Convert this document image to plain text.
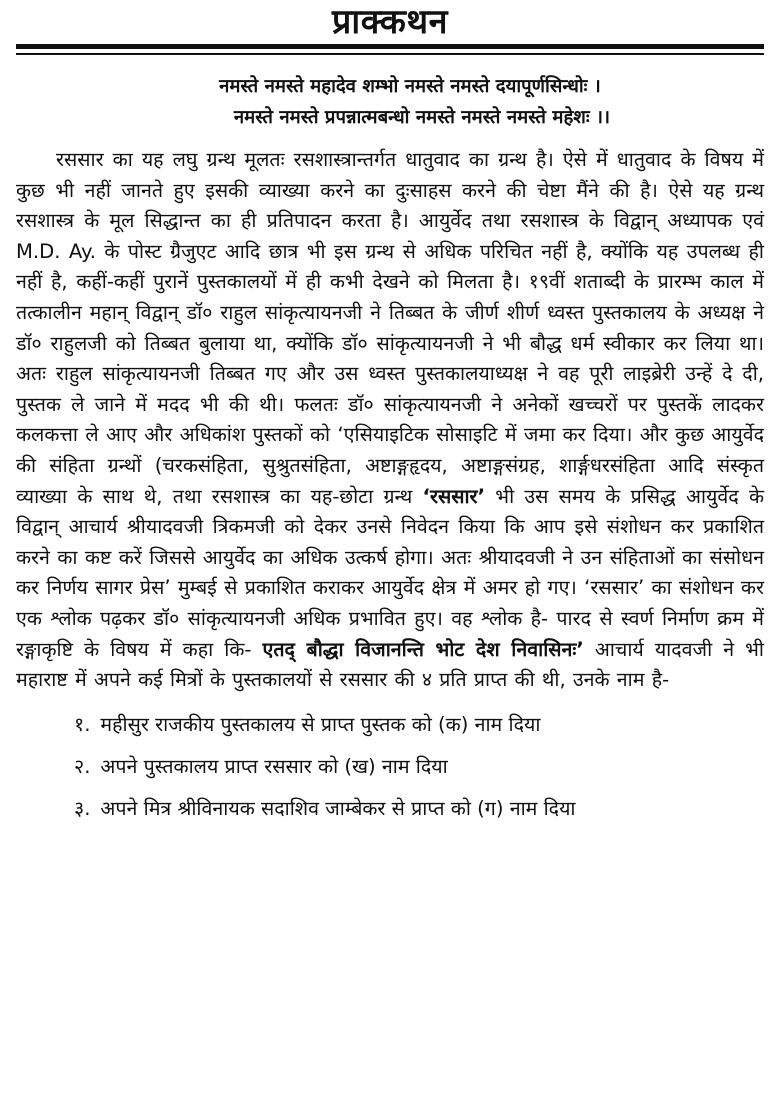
प्राक्कथन
नमस्ते नमस्ते महादेव शम्भो नमस्ते नमस्ते दयापूर्णसिन्धोः ।
नमस्ते नमस्ते प्रपन्नात्मबन्धो नमस्ते नमस्ते नमस्ते महेशः ।।

रससार का यह लघु ग्रन्थ मूलतः रसशास्त्रान्तर्गत धातुवाद का ग्रन्थ है। ऐसे में धातुवाद के विषय में कुछ भी नहीं जानते हुए इसकी व्याख्या करने का दुःसाहस करने की चेष्टा मैंने की है। ऐसे यह ग्रन्थ रसशास्त्र के मूल सिद्धान्त का ही प्रतिपादन करता है। आयुर्वेद तथा रसशास्त्र के विद्वान् अध्यापक एवं M.D. Ay. के पोस्ट ग्रैजुएट आदि छात्र भी इस ग्रन्थ से अधिक परिचित नहीं है, क्योंकि यह उपलब्ध ही नहीं है, कहीं-कहीं पुरानें पुस्तकालयों में ही कभी देखने को मिलता है। १९वीं शताब्दी के प्रारम्भ काल में तत्कालीन महान् विद्वान् डॉ० राहुल सांकृत्यायनजी ने तिब्बत के जीर्ण शीर्ण ध्वस्त पुस्तकालय के अध्यक्ष ने डॉ० राहुलजी को तिब्बत बुलाया था, क्योंकि डॉ० सांकृत्यायनजी ने भी बौद्ध धर्म स्वीकार कर लिया था। अतः राहुल सांकृत्यायनजी तिब्बत गए और उस ध्वस्त पुस्तकालयाध्यक्ष ने वह पूरी लाइब्रेरी उन्हें दे दी, पुस्तक ले जाने में मदद भी की थी। फलतः डॉ० सांकृत्यायनजी ने अनेकों खच्चरों पर पुस्तकें लादकर कलकत्ता ले आए और अधिकांश पुस्तकों को ‘एसियाइटिक सोसाइटि में जमा कर दिया। और कुछ आयुर्वेद की संहिता ग्रन्थों (चरकसंहिता, सुश्रुतसंहिता, अष्टाङ्गहृदय, अष्टाङ्गसंग्रह, शार्ङ्गधरसंहिता आदि संस्कृत व्याख्या के साथ थे, तथा रसशास्त्र का यह-छोटा ग्रन्थ ‘रससार’ भी उस समय के प्रसिद्ध आयुर्वेद के विद्वान् आचार्य श्रीयादवजी त्रिकमजी को देकर उनसे निवेदन किया कि आप इसे संशोधन कर प्रकाशित करने का कष्ट करें जिससे आयुर्वेद का अधिक उत्कर्ष होगा। अतः श्रीयादवजी ने उन संहिताओं का संसोधन कर निर्णय सागर प्रेस’ मुम्बई से प्रकाशित कराकर आयुर्वेद क्षेत्र में अमर हो गए। ‘रससार’ का संशोधन कर एक श्लोक पढ़कर डॉ० सांकृत्यायनजी अधिक प्रभावित हुए। वह श्लोक है- पारद से स्वर्ण निर्माण क्रम में रङ्गाकृष्टि के विषय में कहा कि- एतद् बौद्धा विजानन्ति भोट देश निवासिनः’ आचार्य यादवजी ने भी महाराष्ट में अपने कई मित्रों के पुस्तकालयों से रससार की ४ प्रति प्राप्त की थी, उनके नाम है-

१. महीसुर राजकीय पुस्तकालय से प्राप्त पुस्तक को (क) नाम दिया
२. अपने पुस्तकालय प्राप्त रससार को (ख) नाम दिया
३. अपने मित्र श्रीविनायक सदाशिव जाम्बेकर से प्राप्त को (ग) नाम दिया
